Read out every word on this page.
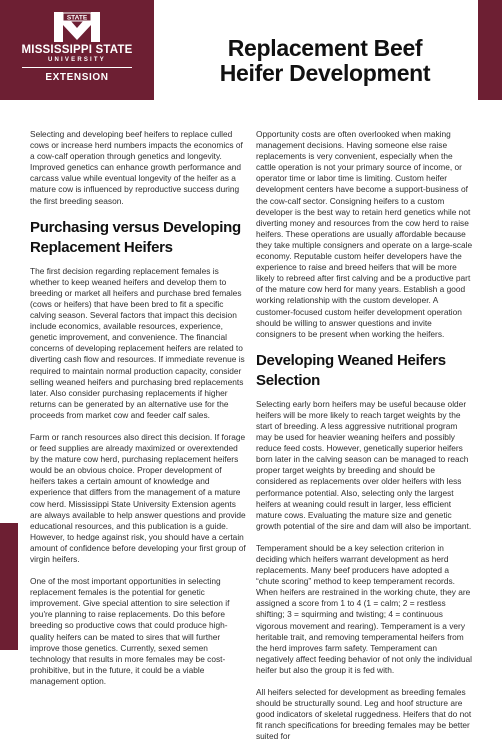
STATE
MISSISSIPPI STATE
UNIVERSITY
EXTENSION
Replacement Beef
Heifer Development

Selecting and developing beef heifers to replace culled cows or increase herd numbers impacts the economics of a cow-calf operation through genetics and longevity. Improved genetics can enhance growth performance and carcass value while eventual longevity of the heifer as a mature cow is influenced by reproductive success during the first breeding season.

Purchasing versus Developing Replacement Heifers

The first decision regarding replacement females is whether to keep weaned heifers and develop them to breeding or market all heifers and purchase bred females (cows or heifers) that have been bred to fit a specific calving season. Several factors that impact this decision include economics, available resources, experience, genetic improvement, and convenience. The financial concerns of developing replacement heifers are related to diverting cash flow and resources. If immediate revenue is required to maintain normal production capacity, consider selling weaned heifers and purchasing bred replacements later. Also consider purchasing replacements if higher returns can be generated by an alternative use for the proceeds from market cow and feeder calf sales.

Farm or ranch resources also direct this decision. If forage or feed supplies are already maximized or overextended by the mature cow herd, purchasing replacement heifers would be an obvious choice. Proper development of heifers takes a certain amount of knowledge and experience that differs from the management of a mature cow herd. Mississippi State University Extension agents are always available to help answer questions and provide educational resources, and this publication is a guide. However, to hedge against risk, you should have a certain amount of confidence before developing your first group of virgin heifers.

One of the most important opportunities in selecting replacement females is the potential for genetic improvement. Give special attention to sire selection if you're planning to raise replacements. Do this before breeding so productive cows that could produce high-quality heifers can be mated to sires that will further improve those genetics. Currently, sexed semen technology that results in more females may be cost-prohibitive, but in the future, it could be a viable management option.

Opportunity costs are often overlooked when making management decisions. Having someone else raise replacements is very convenient, especially when the cattle operation is not your primary source of income, or operator time or labor time is limiting. Custom heifer development centers have become a support-business of the cow-calf sector. Consigning heifers to a custom developer is the best way to retain herd genetics while not diverting money and resources from the cow herd to raise heifers. These operations are usually affordable because they take multiple consigners and operate on a large-scale economy. Reputable custom heifer developers have the experience to raise and breed heifers that will be more likely to rebreed after first calving and be a productive part of the mature cow herd for many years. Establish a good working relationship with the custom developer. A customer-focused custom heifer development operation should be willing to answer questions and invite consigners to be present when working the heifers.

Developing Weaned Heifers Selection

Selecting early born heifers may be useful because older heifers will be more likely to reach target weights by the start of breeding. A less aggressive nutritional program may be used for heavier weaning heifers and possibly reduce feed costs. However, genetically superior heifers born later in the calving season can be managed to reach proper target weights by breeding and should be considered as replacements over older heifers with less performance potential. Also, selecting only the largest heifers at weaning could result in larger, less efficient mature cows. Evaluating the mature size and genetic growth potential of the sire and dam will also be important.

Temperament should be a key selection criterion in deciding which heifers warrant development as herd replacements. Many beef producers have adopted a “chute scoring” method to keep temperament records. When heifers are restrained in the working chute, they are assigned a score from 1 to 4 (1 = calm; 2 = restless shifting; 3 = squirming and twisting; 4 = continuous vigorous movement and rearing). Temperament is a very heritable trait, and removing temperamental heifers from the herd improves farm safety. Temperament can negatively affect feeding behavior of not only the individual heifer but also the group it is fed with.

All heifers selected for development as breeding females should be structurally sound. Leg and hoof structure are good indicators of skeletal ruggedness. Heifers that do not fit ranch specifications for breeding females may be better suited for
